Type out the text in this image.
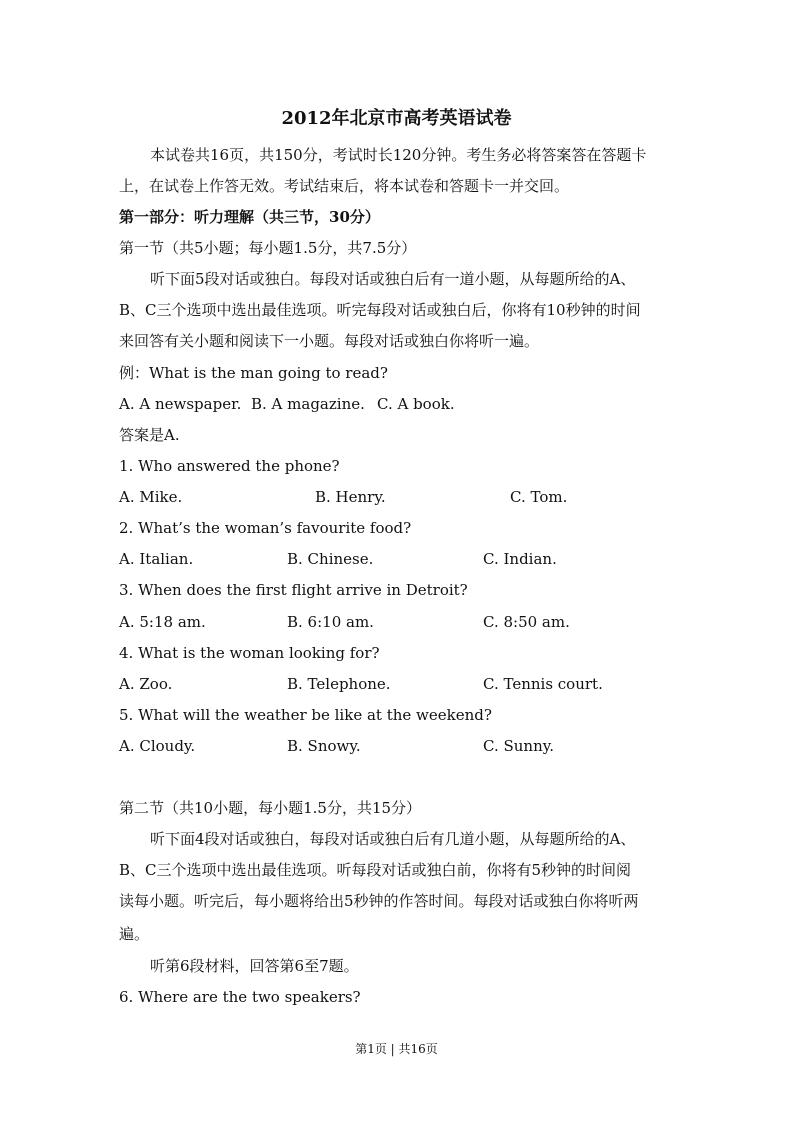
2012年北京市高考英语试卷
本试卷共16页，共150分，考试时长120分钟。考生务必将答案答在答题卡
上，在试卷上作答无效。考试结束后，将本试卷和答题卡一并交回。
第一部分：听力理解（共三节，30分）
第一节（共5小题；每小题1.5分，共7.5分）
听下面5段对话或独白。每段对话或独白后有一道小题，从每题所给的A、
B、C三个选项中选出最佳选项。听完每段对话或独白后，你将有10秒钟的时间
来回答有关小题和阅读下一小题。每段对话或独白你将听一遍。
例：What is the man going to read?
A. A newspaper. B. A magazine. C. A book.
答案是A.
1. Who answered the phone?
A. Mike.	B. Henry.	C. Tom.
2. What’s the woman’s favourite food?
A. Italian.	B. Chinese.	C. Indian.
3. When does the first flight arrive in Detroit?
A. 5:18 am.	B. 6:10 am.	C. 8:50 am.
4. What is the woman looking for?
A. Zoo.	B. Telephone.	C. Tennis court.
5. What will the weather be like at the weekend?
A. Cloudy.	B. Snowy.	C. Sunny.
第二节（共10小题，每小题1.5分，共15分）
听下面4段对话或独白，每段对话或独白后有几道小题，从每题所给的A、
B、C三个选项中选出最佳选项。听每段对话或独白前，你将有5秒钟的时间阅
读每小题。听完后，每小题将给出5秒钟的作答时间。每段对话或独白你将听两
遍。
听第6段材料，回答第6至7题。
6. Where are the two speakers?
第1页 | 共16页
